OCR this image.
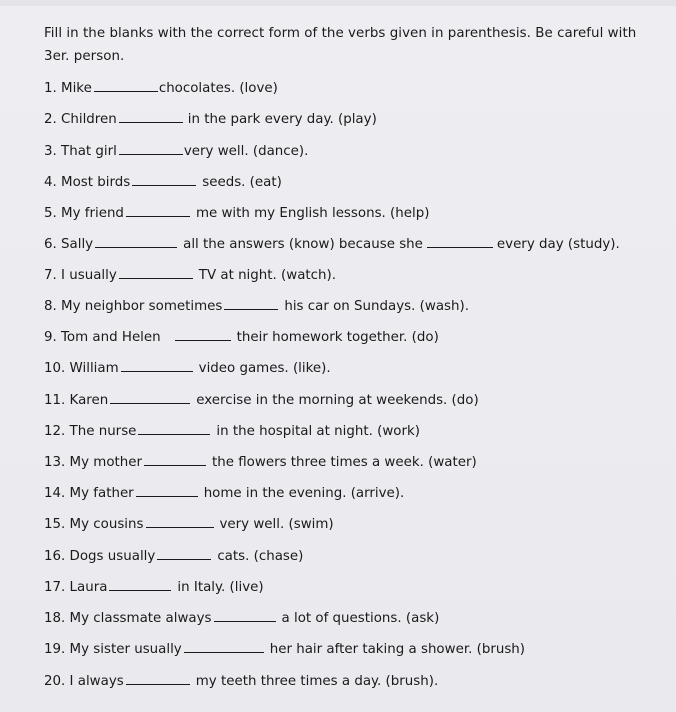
Fill in the blanks with the correct form of the verbs given in parenthesis. Be careful with 3er. person.
1. Mike	chocolates. (love)
2. Children	in the park every day. (play)
3. That girl	very well. (dance).
4. Most birds	seeds. (eat)
5. My friend	me with my English lessons. (help)
6. Sally	all the answers (know) because she	every day (study).
7. I usually	TV at night. (watch).
8. My neighbor sometimes	his car on Sundays. (wash).
9. Tom and Helen	their homework together. (do)
10. William	video games. (like).
11. Karen	exercise in the morning at weekends. (do)
12. The nurse	in the hospital at night. (work)
13. My mother	the flowers three times a week. (water)
14. My father	home in the evening. (arrive).
15. My cousins	very well. (swim)
16. Dogs usually	cats. (chase)
17. Laura	in Italy. (live)
18. My classmate always	a lot of questions. (ask)
19. My sister usually	her hair after taking a shower. (brush)
20. I always	my teeth three times a day. (brush).
